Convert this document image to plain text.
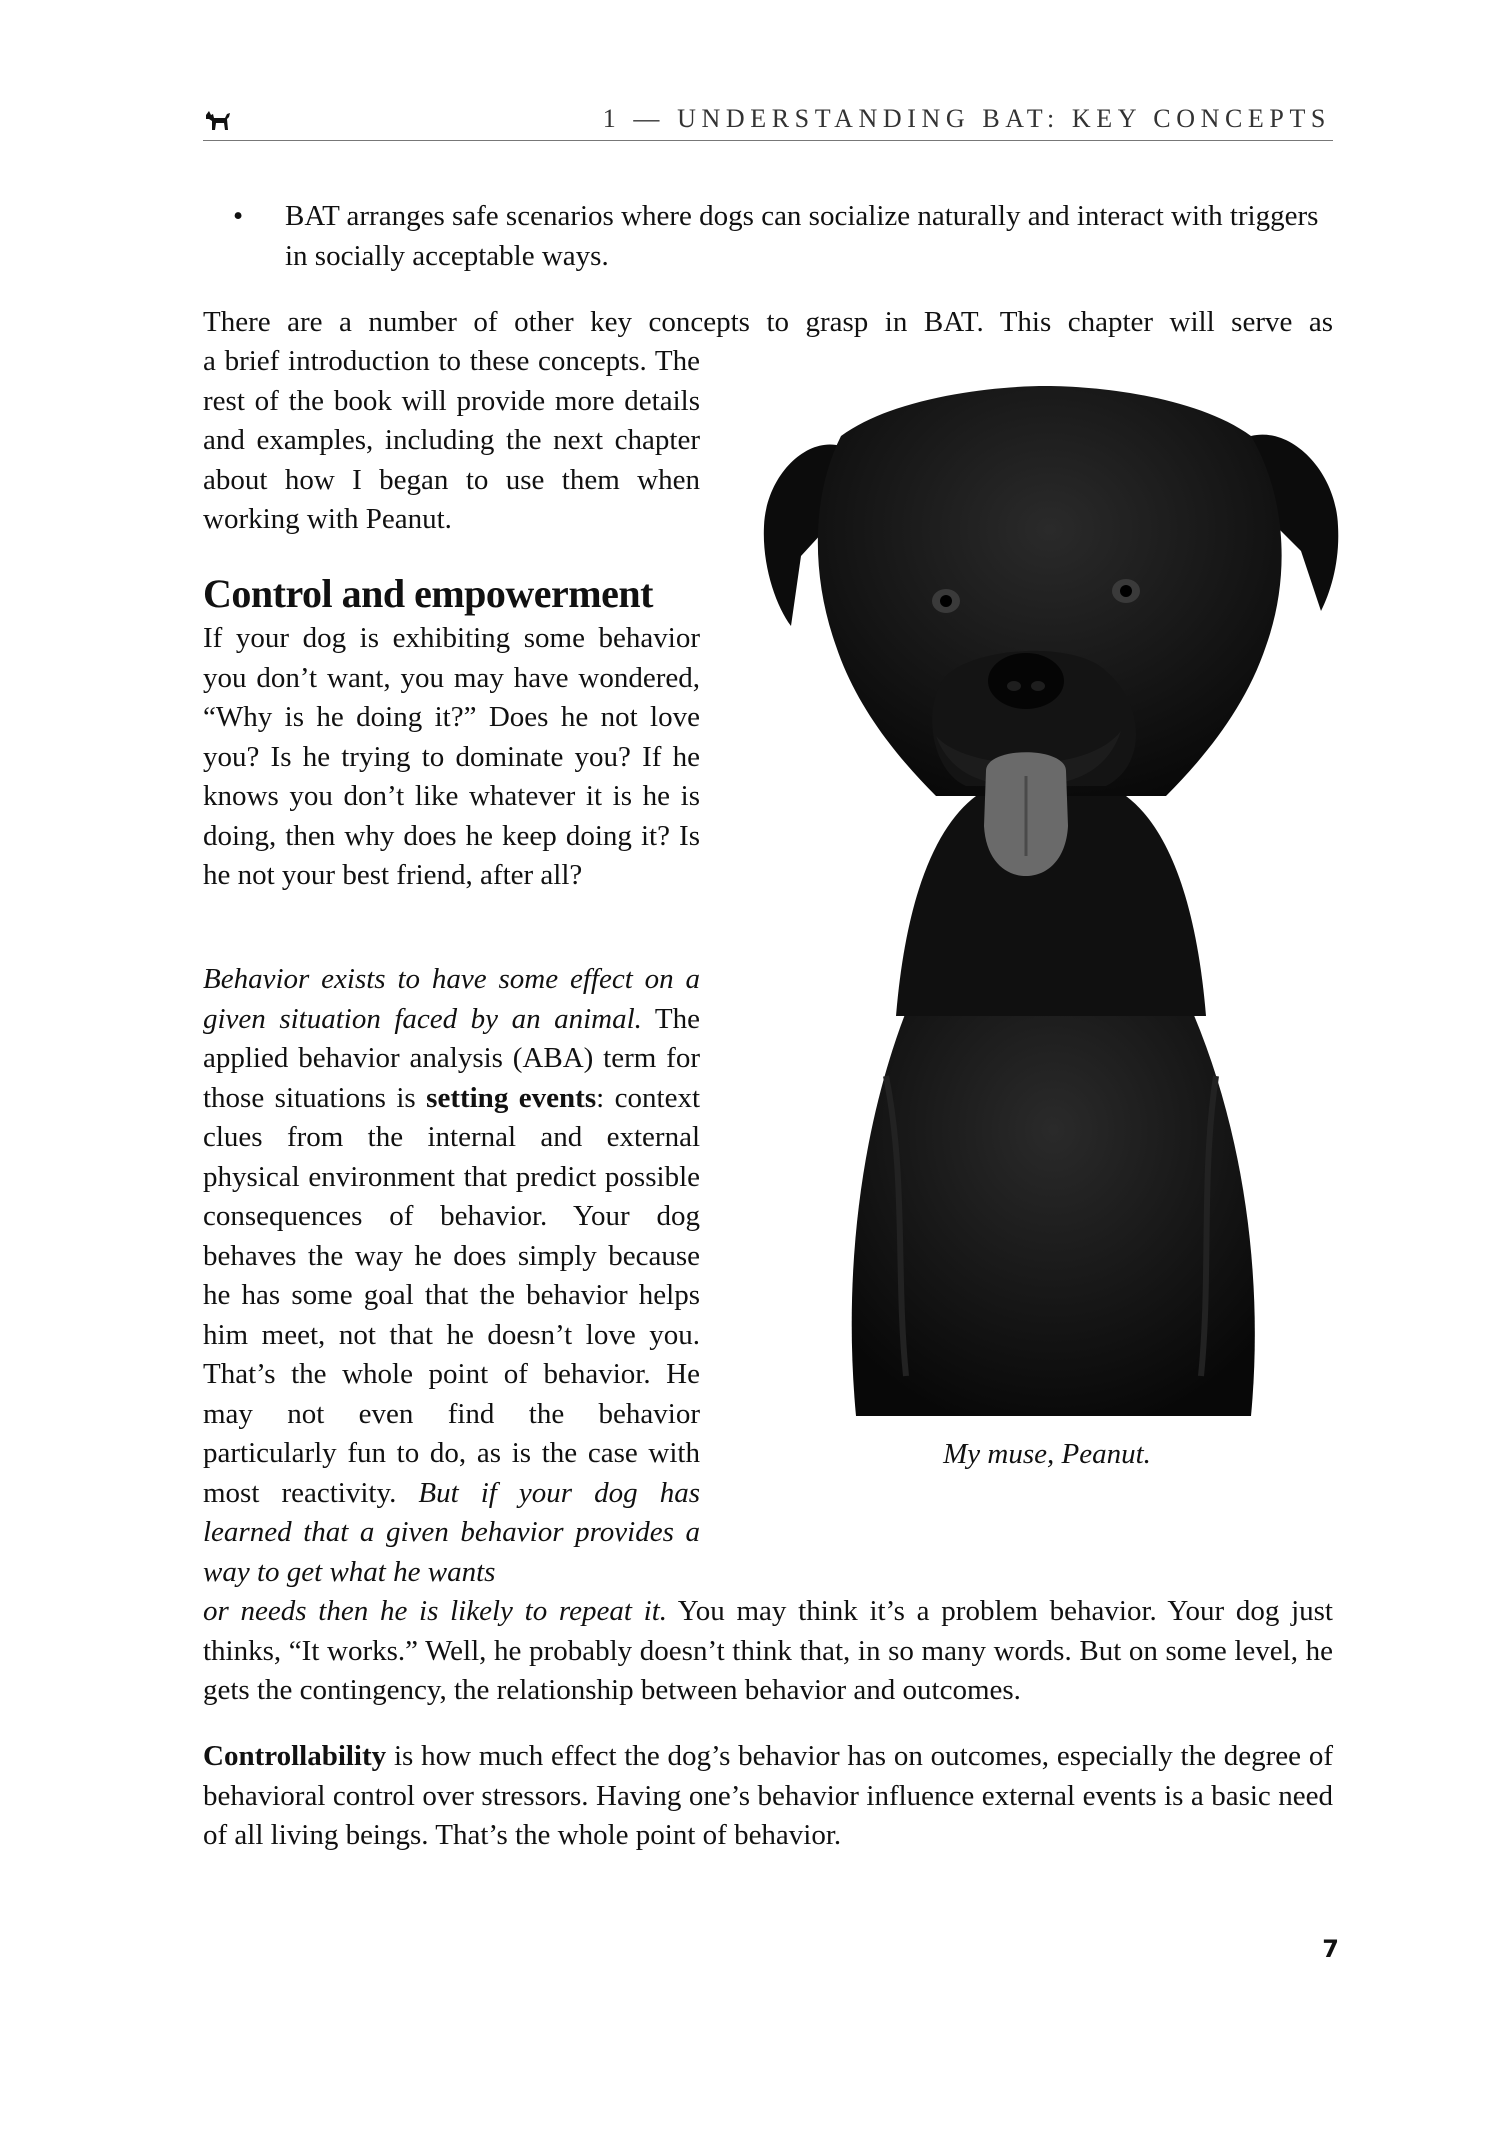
1 — UNDERSTANDING BAT: KEY CONCEPTS
• BAT arranges safe scenarios where dogs can socialize naturally and interact with triggers in socially acceptable ways.

There are a number of other key concepts to grasp in BAT. This chapter will serve as

a brief introduction to these concepts. The rest of the book will provide more details and examples, including the next chapter about how I began to use them when working with Peanut.

Control and empowerment

If your dog is exhibiting some behavior you don’t want, you may have wondered, “Why is he doing it?” Does he not love you? Is he trying to dominate you? If he knows you don’t like whatever it is he is doing, then why does he keep doing it? Is he not your best friend, after all?

Behavior exists to have some effect on a given situation faced by an animal. The applied behavior analysis (ABA) term for those situations is setting events: context clues from the internal and external physical environment that predict possible consequences of behavior. Your dog behaves the way he does simply because he has some goal that the behavior helps him meet, not that he doesn’t love you. That’s the whole point of behavior. He may not even find the behavior particularly fun to do, as is the case with most reactivity. But if your dog has learned that a given behavior provides a way to get what he wants

or needs then he is likely to repeat it. You may think it’s a problem behavior. Your dog just thinks, “It works.” Well, he probably doesn’t think that, in so many words. But on some level, he gets the contingency, the relationship between behavior and outcomes.

Controllability is how much effect the dog’s behavior has on outcomes, especially the degree of behavioral control over stressors. Having one’s behavior influence external events is a basic need of all living beings. That’s the whole point of behavior.

My muse, Peanut.
7
